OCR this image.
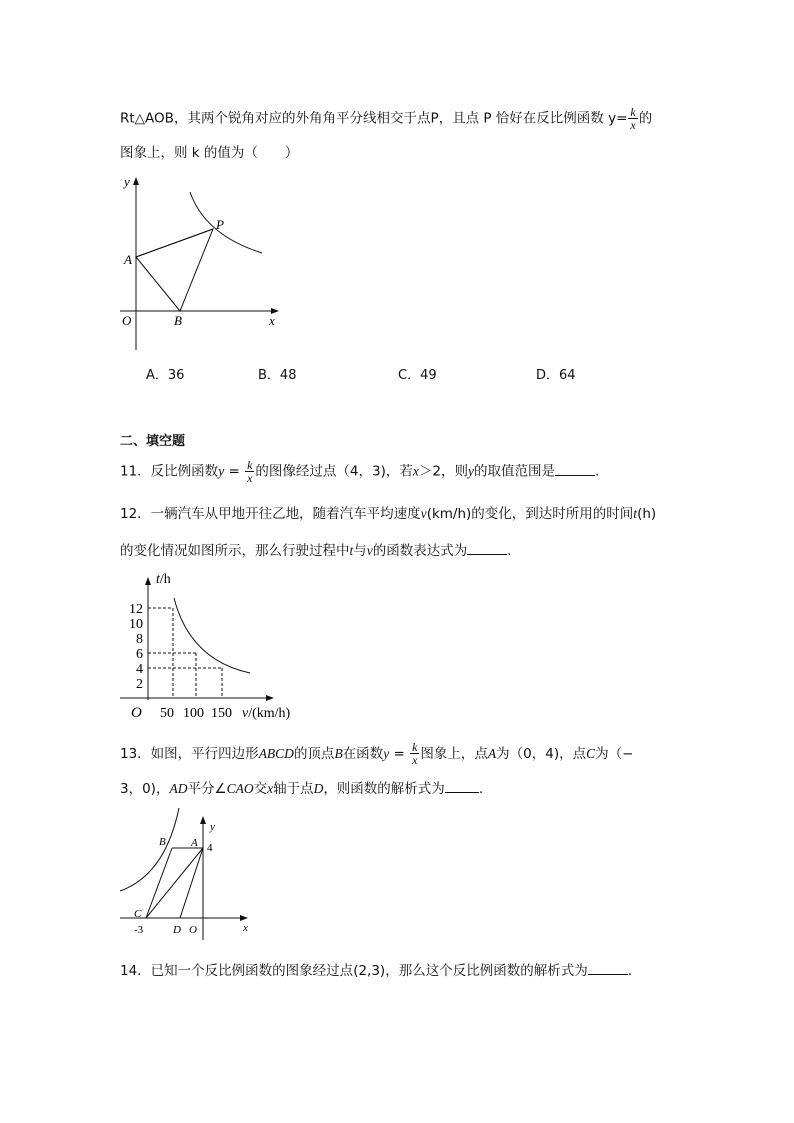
Rt△AOB，其两个锐角对应的外角角平分线相交于点P，且点 P 恰好在反比例函数 $y= \frac{k}{x}$ 的
图象上，则 k 的值为（　　）
y
x
O
A
B
P
A．36	B．48	C．49	D．64
二、填空题
11．反比例函数$y = \frac{k}{x}$ 的图像经过点（4，3)，若x＞2，则y的取值范围是	.
12．一辆汽车从甲地开往乙地，随着汽车平均速度v(km/h)的变化，到达时所用的时间t(h)
的变化情况如图所示，那么行驶过程中t与v的函数表达式为	.
t/h
12
10
8
6
4
2
O 50 100 150 v/(km/h)
13．如图，平行四边形ABCD的顶点B在函数$y = \frac{k}{x}$ 图象上，点A为（0，4)，点C为（−
3，0)，AD平分∠CAO交x轴于点D，则函数的解析式为	.
y
x
B A 4
C
-3	D O
14．已知一个反比例函数的图象经过点(2,3)，那么这个反比例函数的解析式为	.
